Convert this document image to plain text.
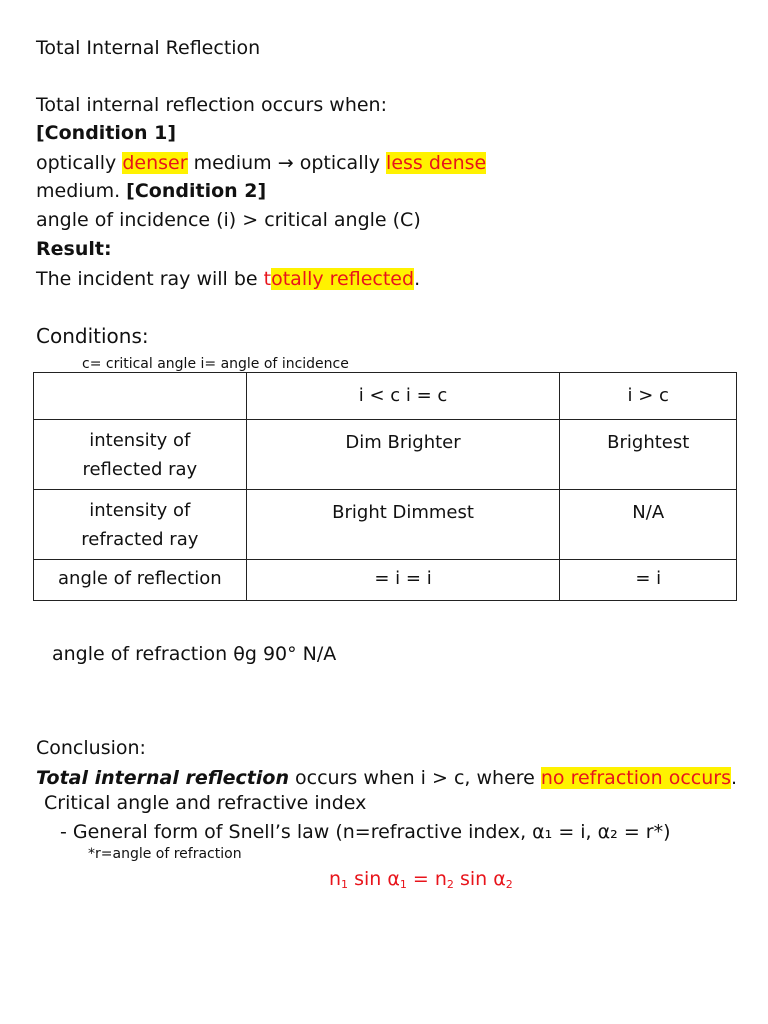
Total Internal Reflection
Total internal reflection occurs when:
[Condition 1]
optically denser medium → optically less dense
medium. [Condition 2]
angle of incidence (i) > critical angle (C)
Result:
The incident ray will be totally reflected.
Conditions:
c= critical angle i= angle of incidence

	i < c i = c	i > c

intensity of reflected ray	Dim Brighter	Brightest

intensity of refracted ray	Bright Dimmest	N/A

angle of reflection	= i = i	= i
angle of refraction θg 90° N/A
Conclusion:
Total internal reflection occurs when i > c, where no refraction occurs.
Critical angle and refractive index
- General form of Snell’s law (n=refractive index, α₁ = i, α₂ = r*)
*r=angle of refraction
$n_1$ $\sin \alpha_1 = n_2$ $\sin \alpha_2$
